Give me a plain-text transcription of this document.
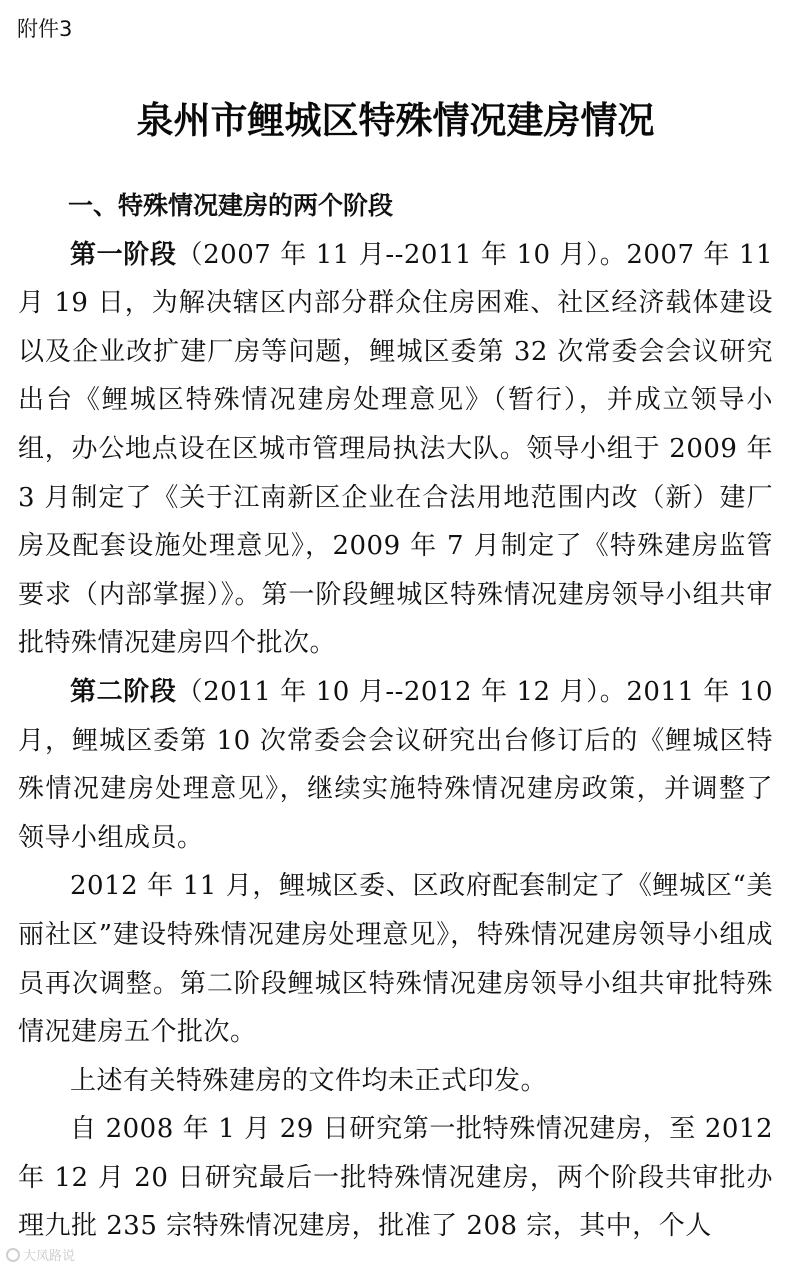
附件3
泉州市鲤城区特殊情况建房情况

一、特殊情况建房的两个阶段

第一阶段（2007 年 11 月--2011 年 10 月）。2007 年 11 月 19 日，为解决辖区内部分群众住房困难、社区经济载体建设以及企业改扩建厂房等问题，鲤城区委第 32 次常委会会议研究出台《鲤城区特殊情况建房处理意见》（暂行），并成立领导小组，办公地点设在区城市管理局执法大队。领导小组于 2009 年 3 月制定了《关于江南新区企业在合法用地范围内改（新）建厂房及配套设施处理意见》，2009 年 7 月制定了《特殊建房监管要求（内部掌握）》。第一阶段鲤城区特殊情况建房领导小组共审批特殊情况建房四个批次。

第二阶段（2011 年 10 月--2012 年 12 月）。2011 年 10 月，鲤城区委第 10 次常委会会议研究出台修订后的《鲤城区特殊情况建房处理意见》，继续实施特殊情况建房政策，并调整了领导小组成员。

2012 年 11 月，鲤城区委、区政府配套制定了《鲤城区“美丽社区”建设特殊情况建房处理意见》，特殊情况建房领导小组成员再次调整。第二阶段鲤城区特殊情况建房领导小组共审批特殊情况建房五个批次。

上述有关特殊建房的文件均未正式印发。

自 2008 年 1 月 29 日研究第一批特殊情况建房，至 2012 年 12 月 20 日研究最后一批特殊情况建房，两个阶段共审批办理九批 235 宗特殊情况建房，批准了 208 宗，其中，个人

大凤路说
